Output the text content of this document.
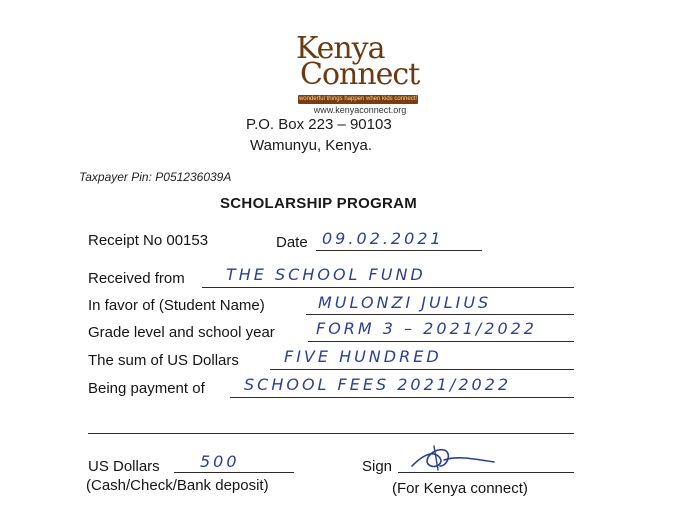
Kenya
Connect
wonderful things happen when kids connect!
www.kenyaconnect.org
P.O. Box 223 – 90103
Wamunyu, Kenya.
Taxpayer Pin: P051236039A
SCHOLARSHIP PROGRAM
Receipt No 00153	Date 09.02.2021
Received from	THE SCHOOL FUND
In favor of (Student Name)	MULONZI JULIUS
Grade level and school year	FORM 3 – 2021/2022
The sum of US Dollars	FIVE HUNDRED
Being payment of SCHOOL FEES 2021/2022
US Dollars	500
(Cash/Check/Bank deposit)
Sign
(For Kenya connect)
